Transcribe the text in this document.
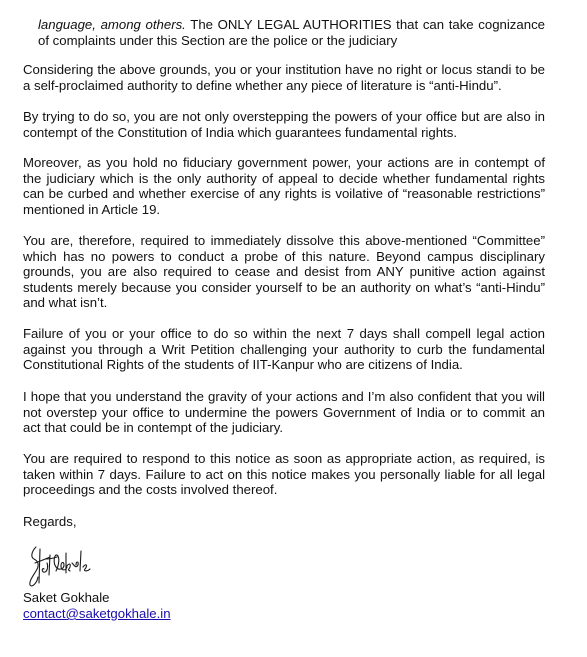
language, among others. The ONLY LEGAL AUTHORITIES that can take cognizance of complaints under this Section are the police or the judiciary

Considering the above grounds, you or your institution have no right or locus standi to be a self-proclaimed authority to define whether any piece of literature is “anti-Hindu”.

By trying to do so, you are not only overstepping the powers of your office but are also in contempt of the Constitution of India which guarantees fundamental rights.

Moreover, as you hold no fiduciary government power, your actions are in contempt of the judiciary which is the only authority of appeal to decide whether fundamental rights can be curbed and whether exercise of any rights is voilative of “reasonable restrictions” mentioned in Article 19.

You are, therefore, required to immediately dissolve this above-mentioned “Committee” which has no powers to conduct a probe of this nature. Beyond campus disciplinary grounds, you are also required to cease and desist from ANY punitive action against students merely because you consider yourself to be an authority on what’s “anti-Hindu” and what isn’t.

Failure of you or your office to do so within the next 7 days shall compell legal action against you through a Writ Petition challenging your authority to curb the fundamental Constitutional Rights of the students of IIT-Kanpur who are citizens of India.

I hope that you understand the gravity of your actions and I’m also confident that you will not overstep your office to undermine the powers Government of India or to commit an act that could be in contempt of the judiciary.

You are required to respond to this notice as soon as appropriate action, as required, is taken within 7 days. Failure to act on this notice makes you personally liable for all legal proceedings and the costs involved thereof.

Regards,

Saket Gokhale

contact@saketgokhale.in
